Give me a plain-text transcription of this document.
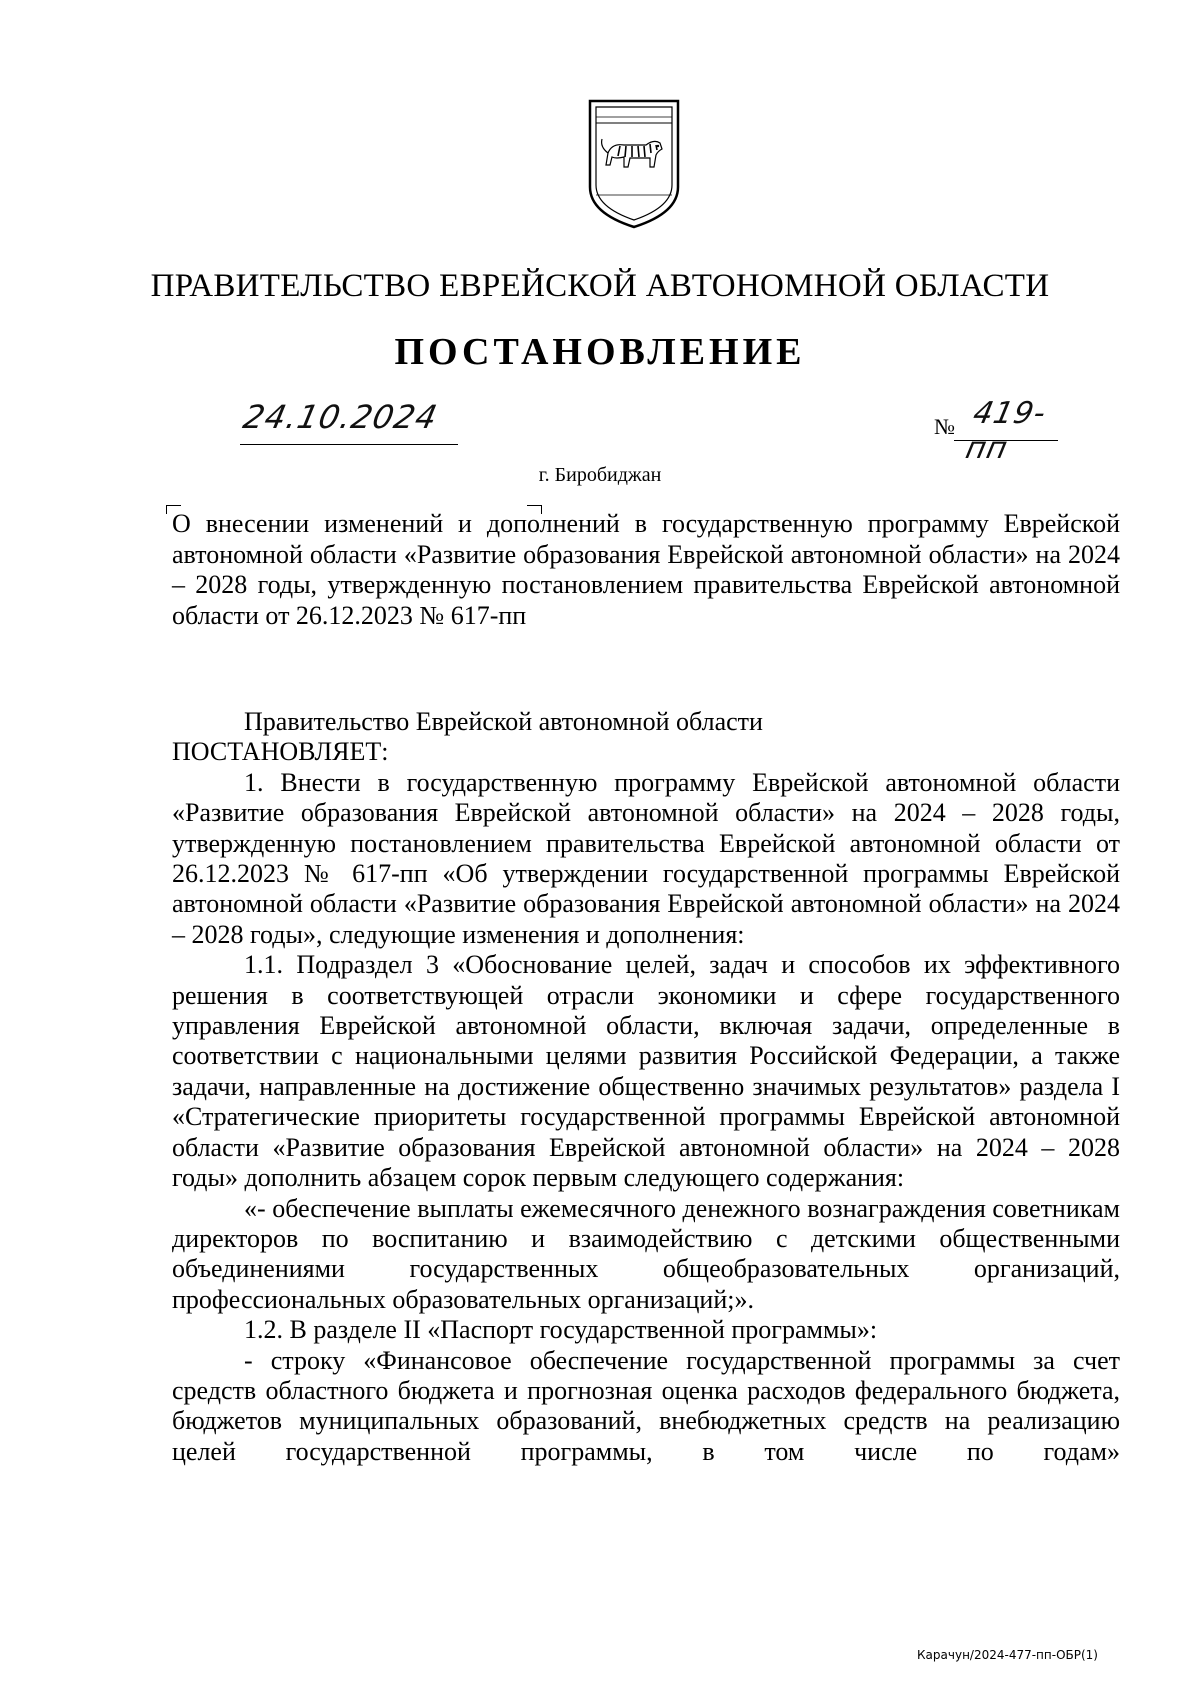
ПРАВИТЕЛЬСТВО ЕВРЕЙСКОЙ АВТОНОМНОЙ ОБЛАСТИ
ПОСТАНОВЛЕНИЕ
24.10.2024	№ 419-пп
г. Биробиджан

О внесении изменений и дополнений в государственную программу Еврейской автономной области «Развитие образования Еврейской автономной области» на 2024 – 2028 годы, утвержденную постановлением правительства Еврейской автономной области от 26.12.2023 № 617-пп

Правительство Еврейской автономной области

ПОСТАНОВЛЯЕТ:

1. Внести в государственную программу Еврейской автономной области «Развитие образования Еврейской автономной области» на 2024 – 2028 годы, утвержденную постановлением правительства Еврейской автономной области от 26.12.2023 № 617-пп «Об утверждении государственной программы Еврейской автономной области «Развитие образования Еврейской автономной области» на 2024 – 2028 годы», следующие изменения и дополнения:

1.1. Подраздел 3 «Обоснование целей, задач и способов их эффективного решения в соответствующей отрасли экономики и сфере государственного управления Еврейской автономной области, включая задачи, определенные в соответствии с национальными целями развития Российской Федерации, а также задачи, направленные на достижение общественно значимых результатов» раздела I «Стратегические приоритеты государственной программы Еврейской автономной области «Развитие образования Еврейской автономной области» на 2024 – 2028 годы» дополнить абзацем сорок первым следующего содержания:

«- обеспечение выплаты ежемесячного денежного вознаграждения советникам директоров по воспитанию и взаимодействию с детскими общественными объединениями государственных общеобразовательных организаций, профессиональных образовательных организаций;».

1.2. В разделе II «Паспорт государственной программы»:

- строку «Финансовое обеспечение государственной программы за счет средств областного бюджета и прогнозная оценка расходов федерального бюджета, бюджетов муниципальных образований, внебюджетных средств на реализацию целей государственной программы, в том числе по годам»

Карачун/2024-477-пп-ОБР(1)
